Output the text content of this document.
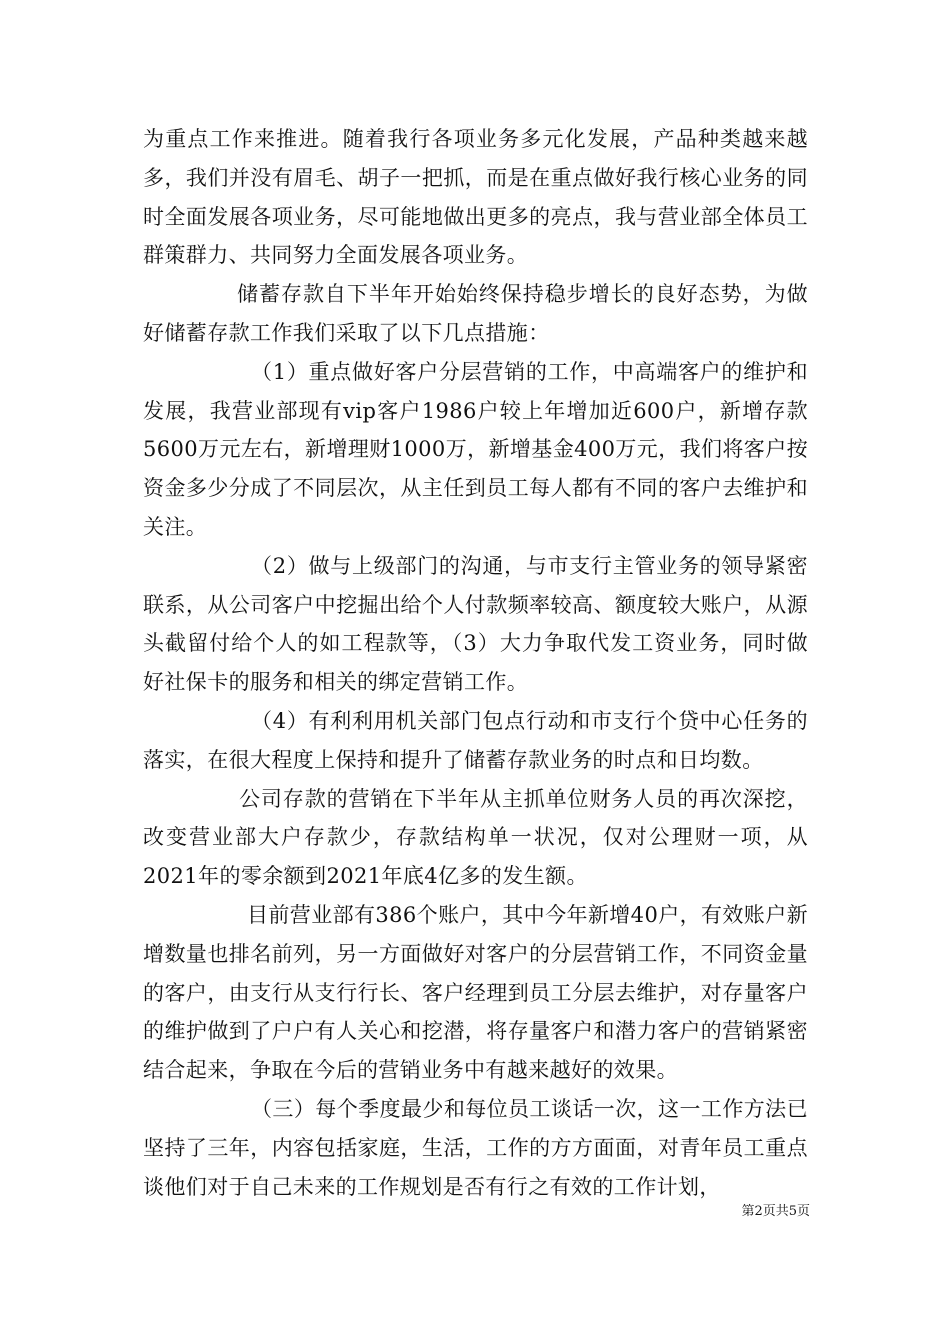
为重点工作来推进。随着我行各项业务多元化发展，产品种类越来越多，我们并没有眉毛、胡子一把抓，而是在重点做好我行核心业务的同时全面发展各项业务，尽可能地做出更多的亮点，我与营业部全体员工群策群力、共同努力全面发展各项业务。

储蓄存款自下半年开始始终保持稳步增长的良好态势，为做好储蓄存款工作我们采取了以下几点措施：

（1）重点做好客户分层营销的工作，中高端客户的维护和发展，我营业部现有vip客户1986户较上年增加近600户，新增存款5600万元左右，新增理财1000万，新增基金400万元，我们将客户按资金多少分成了不同层次，从主任到员工每人都有不同的客户去维护和关注。

（2）做与上级部门的沟通，与市支行主管业务的领导紧密联系，从公司客户中挖掘出给个人付款频率较高、额度较大账户，从源头截留付给个人的如工程款等，（3）大力争取代发工资业务，同时做好社保卡的服务和相关的绑定营销工作。

（4）有利利用机关部门包点行动和市支行个贷中心任务的落实，在很大程度上保持和提升了储蓄存款业务的时点和日均数。

公司存款的营销在下半年从主抓单位财务人员的再次深挖，改变营业部大户存款少，存款结构单一状况，仅对公理财一项，从2021年的零余额到2021年底4亿多的发生额。

目前营业部有386个账户，其中今年新增40户，有效账户新增数量也排名前列，另一方面做好对客户的分层营销工作，不同资金量的客户，由支行从支行行长、客户经理到员工分层去维护，对存量客户的维护做到了户户有人关心和挖潜，将存量客户和潜力客户的营销紧密结合起来，争取在今后的营销业务中有越来越好的效果。

（三）每个季度最少和每位员工谈话一次，这一工作方法已坚持了三年，内容包括家庭，生活，工作的方方面面，对青年员工重点谈他们对于自己未来的工作规划是否有行之有效的工作计划，

第2页共5页
